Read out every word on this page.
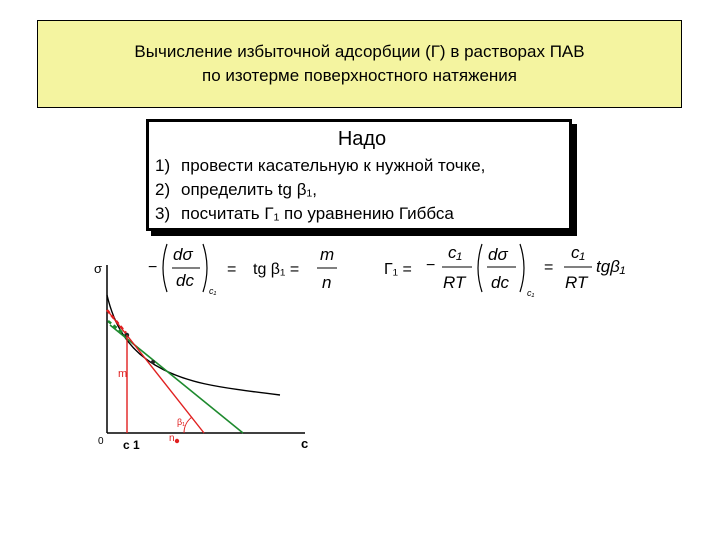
Вычисление избыточной адсорбции (Г) в растворах ПАВ
по изотерме поверхностного натяжения
Надо
1) провести касательную к нужной точке,
2) определить tg β₁,
3) посчитать Г₁ по уравнению Гиббса
−
dσ
dc
c₁
= tg β₁ =
m
n
Г₁ = −
c₁
RT
dσ
dc
c₁
=
c₁
RT
tgβ₁
σ
c
0 c 1
m
n
β₁
